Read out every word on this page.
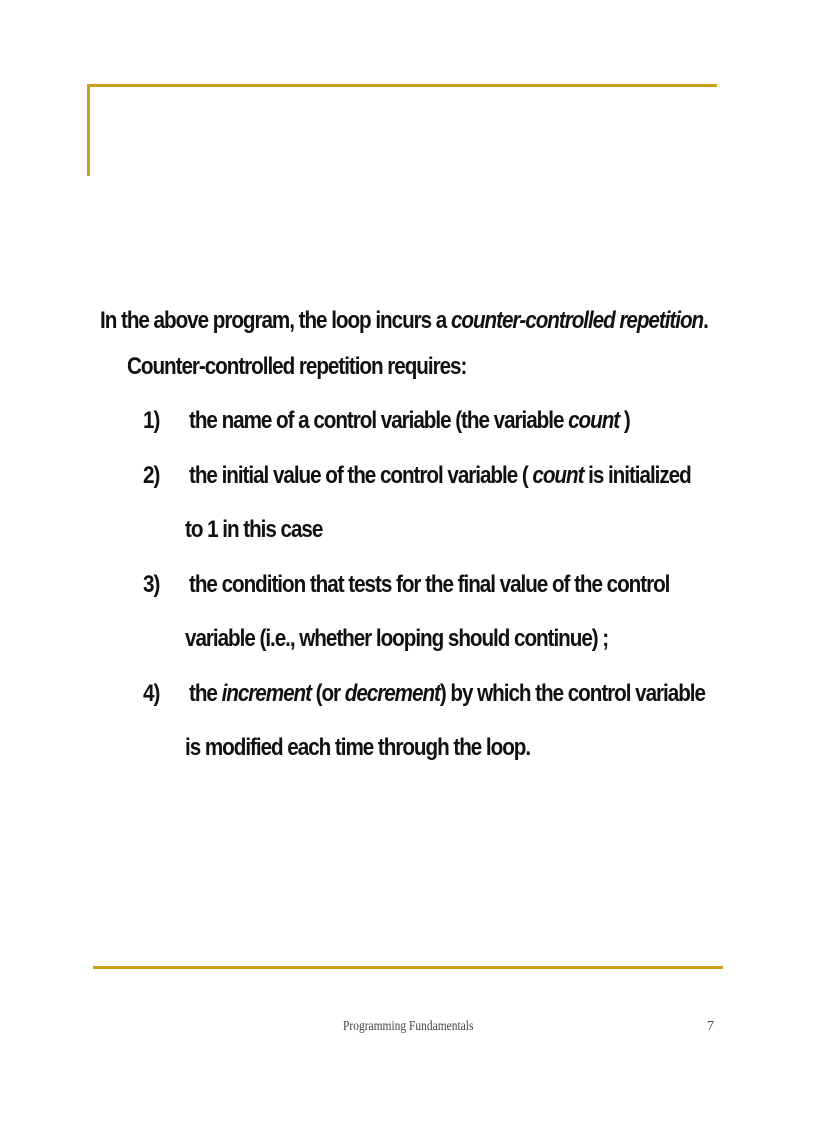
In the above program, the loop incurs a counter-controlled repetition.
Counter-controlled repetition requires:
1) the name of a control variable (the variable count )
2) the initial value of the control variable ( count is initialized
to 1 in this case
3) the condition that tests for the final value of the control
variable (i.e., whether looping should continue) ;
4) the increment (or decrement) by which the control variable
is modified each time through the loop.
Programming Fundamentals	7
